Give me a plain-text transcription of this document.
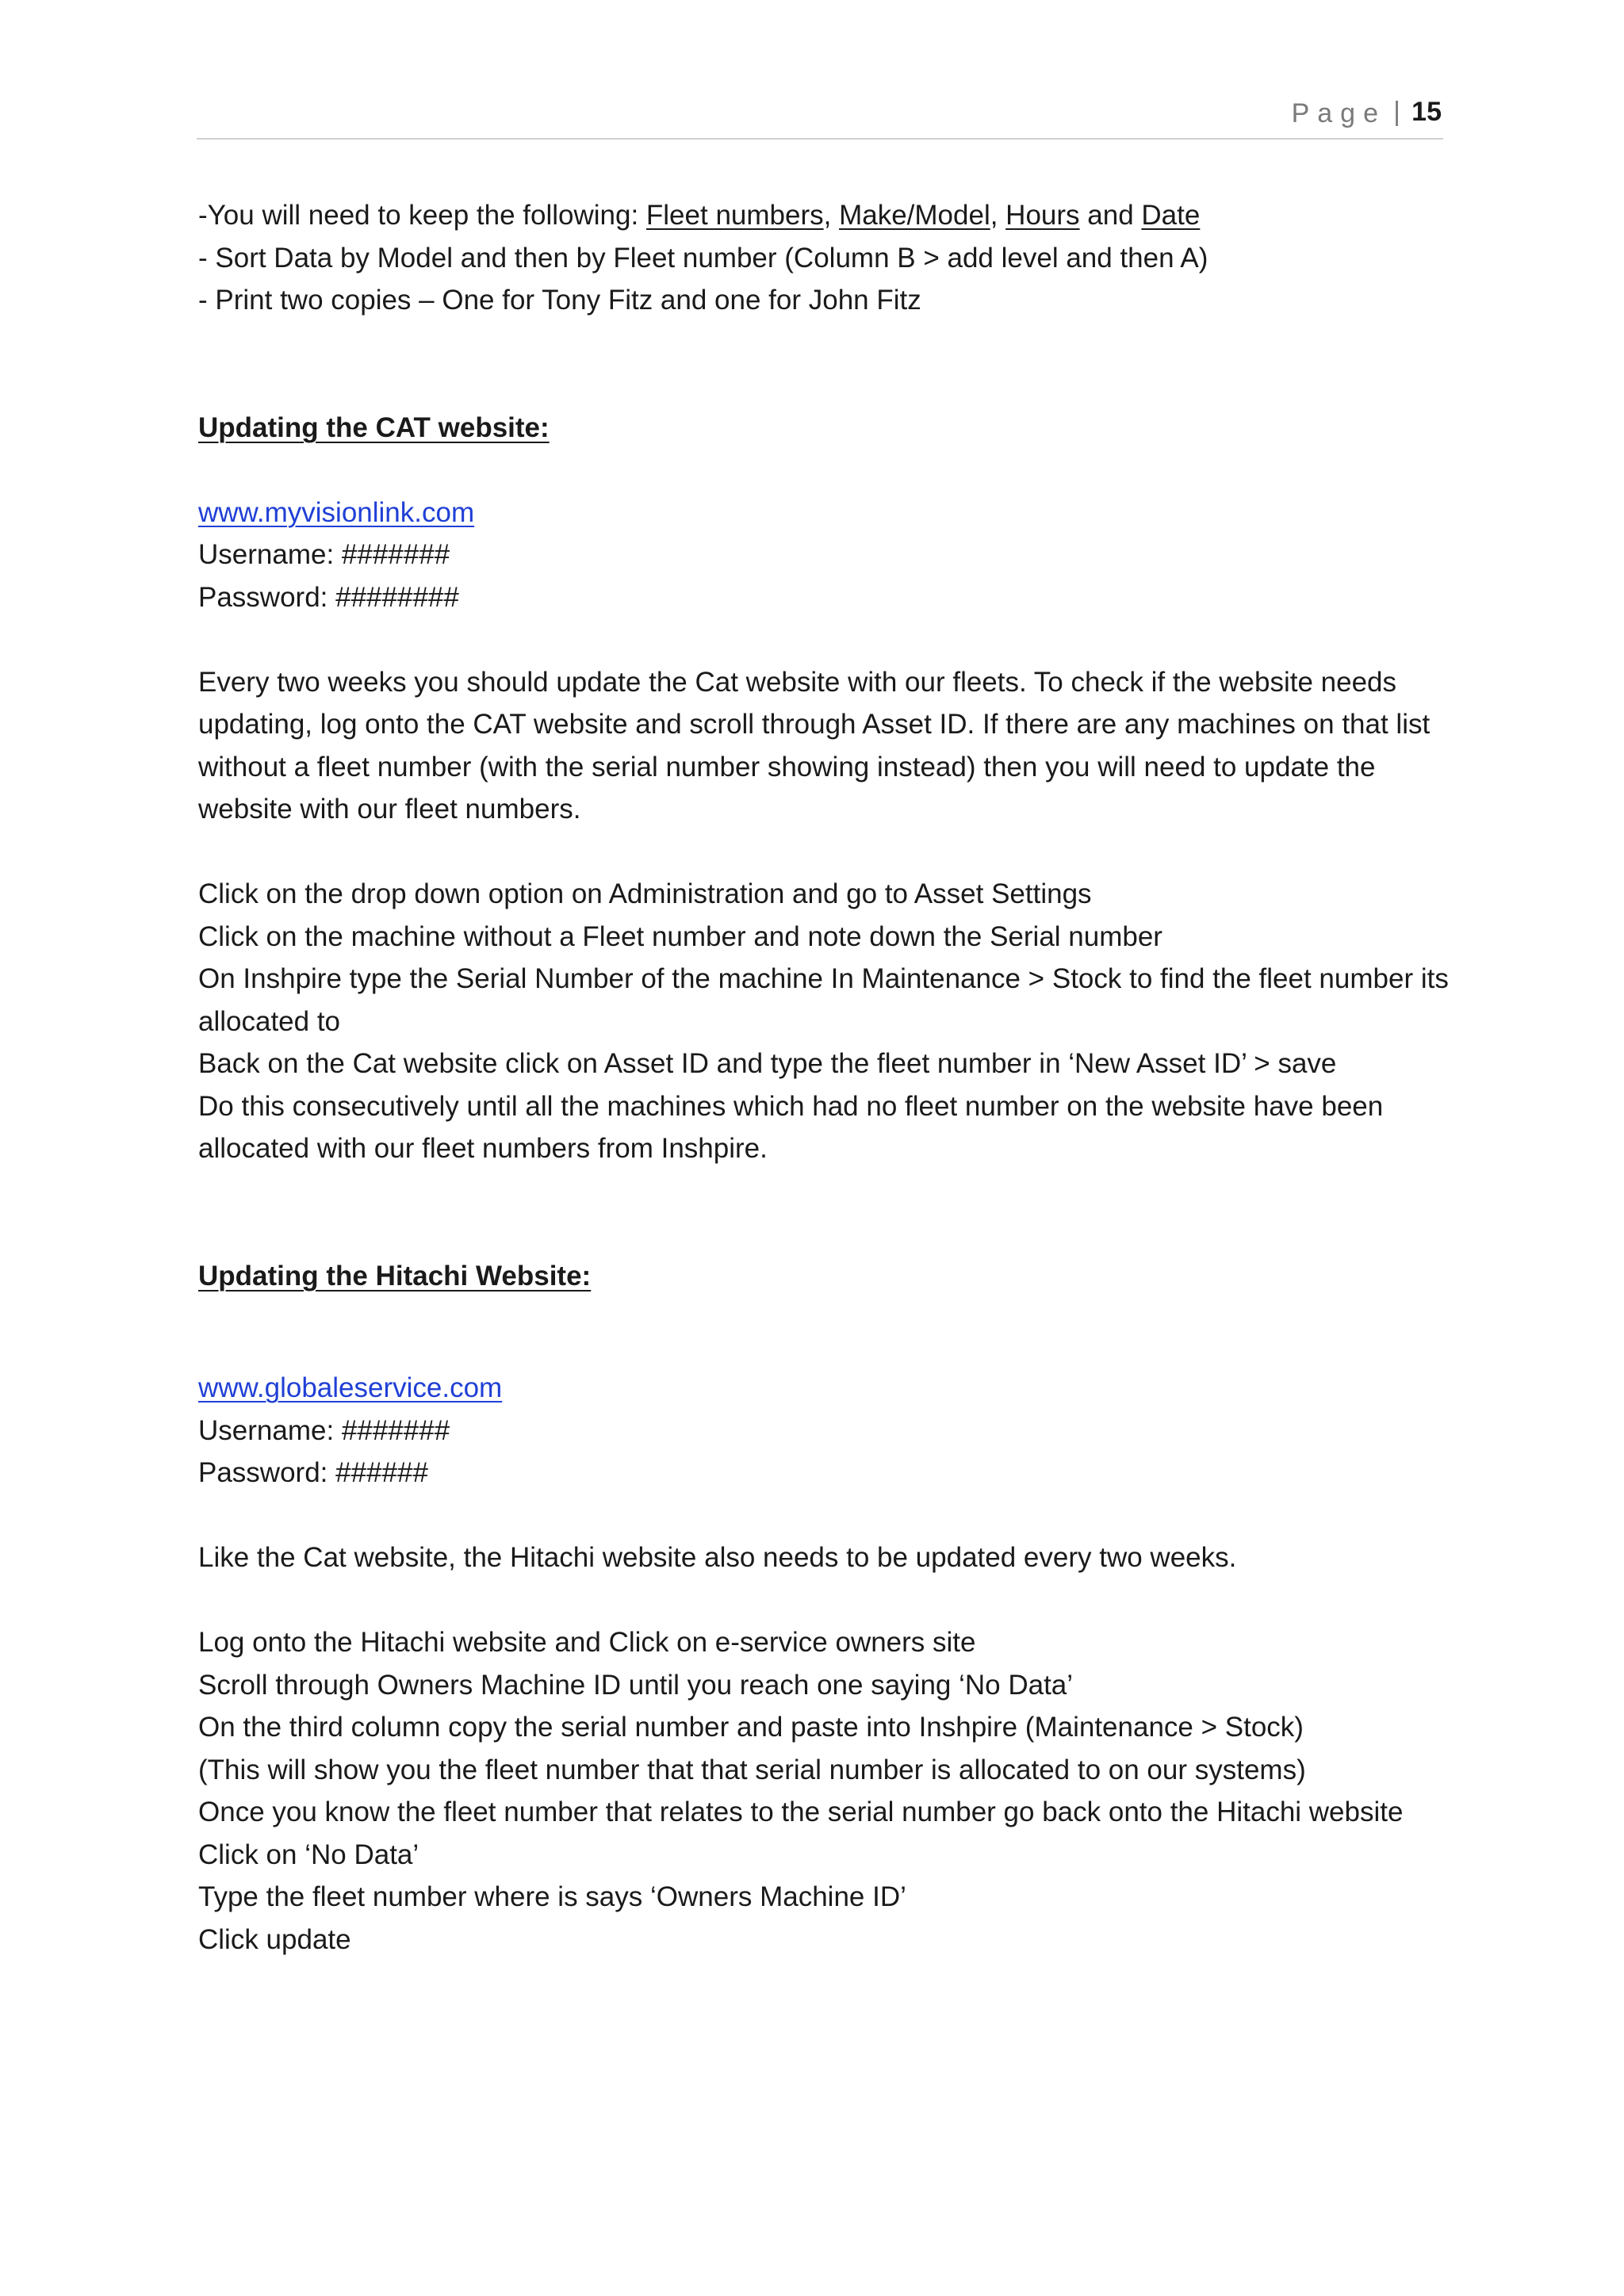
Page | 15

-You will need to keep the following: Fleet numbers, Make/Model, Hours and Date

- Sort Data by Model and then by Fleet number (Column B > add level and then A)

- Print two copies – One for Tony Fitz and one for John Fitz

Updating the CAT website:

www.myvisionlink.com

Username: #######

Password: ########

Every two weeks you should update the Cat website with our fleets. To check if the website needs updating, log onto the CAT website and scroll through Asset ID. If there are any machines on that list without a fleet number (with the serial number showing instead) then you will need to update the website with our fleet numbers.

Click on the drop down option on Administration and go to Asset Settings

Click on the machine without a Fleet number and note down the Serial number

On Inshpire type the Serial Number of the machine In Maintenance > Stock to find the fleet number its allocated to

Back on the Cat website click on Asset ID and type the fleet number in ‘New Asset ID’ > save

Do this consecutively until all the machines which had no fleet number on the website have been allocated with our fleet numbers from Inshpire.

Updating the Hitachi Website:

www.globaleservice.com

Username: #######

Password: ######

Like the Cat website, the Hitachi website also needs to be updated every two weeks.

Log onto the Hitachi website and Click on e-service owners site

Scroll through Owners Machine ID until you reach one saying ‘No Data’

On the third column copy the serial number and paste into Inshpire (Maintenance > Stock)

(This will show you the fleet number that that serial number is allocated to on our systems)

Once you know the fleet number that relates to the serial number go back onto the Hitachi website

Click on ‘No Data’

Type the fleet number where is says ‘Owners Machine ID’

Click update
